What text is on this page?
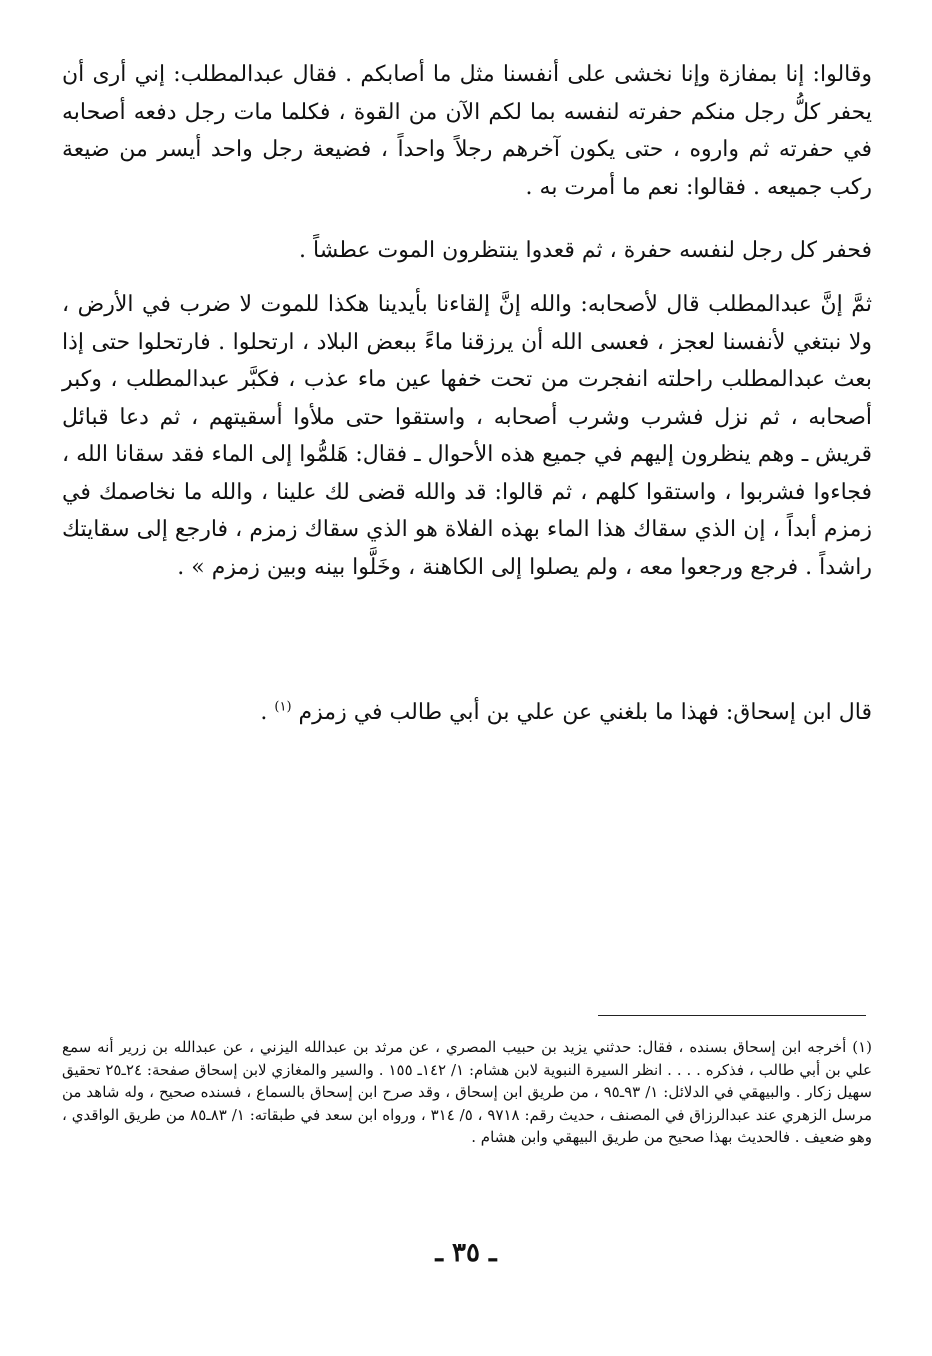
وقالوا: إنا بمفازة وإنا نخشى على أنفسنا مثل ما أصابكم . فقال عبدالمطلب: إني أرى أن يحفر كلُّ رجل منكم حفرته لنفسه بما لكم الآن من القوة ، فكلما مات رجل دفعه أصحابه في حفرته ثم واروه ، حتى يكون آخرهم رجلاً واحداً ، فضيعة رجل واحد أيسر من ضيعة ركب جميعه . فقالوا: نعم ما أمرت به .

فحفر كل رجل لنفسه حفرة ، ثم قعدوا ينتظرون الموت عطشاً .

ثمَّ إنَّ عبدالمطلب قال لأصحابه: والله إنَّ إلقاءنا بأيدينا هكذا للموت لا ضرب في الأرض ، ولا نبتغي لأنفسنا لعجز ، فعسى الله أن يرزقنا ماءً ببعض البلاد ، ارتحلوا . فارتحلوا حتى إذا بعث عبدالمطلب راحلته انفجرت من تحت خفها عين ماء عذب ، فكبَّر عبدالمطلب ، وكبر أصحابه ، ثم نزل فشرب وشرب أصحابه ، واستقوا حتى ملأوا أسقيتهم ، ثم دعا قبائل قريش ـ وهم ينظرون إليهم في جميع هذه الأحوال ـ فقال: هَلمُّوا إلى الماء فقد سقانا الله ، فجاءوا فشربوا ، واستقوا كلهم ، ثم قالوا: قد والله قضى لك علينا ، والله ما نخاصمك في زمزم أبداً ، إن الذي سقاك هذا الماء بهذه الفلاة هو الذي سقاك زمزم ، فارجع إلى سقايتك راشداً . فرجع ورجعوا معه ، ولم يصلوا إلى الكاهنة ، وخَلَّوا بينه وبين زمزم » .

قال ابن إسحاق: فهذا ما بلغني عن علي بن أبي طالب في زمزم $^{(١)}$ .

(١) أخرجه ابن إسحاق بسنده ، فقال: حدثني يزيد بن حبيب المصري ، عن مرثد بن عبدالله اليزني ، عن عبدالله بن زرير أنه سمع علي بن أبي طالب ، فذكره . . . . انظر السيرة النبوية لابن هشام: ١/ ١٤٢ـ ١٥٥ . والسير والمغازي لابن إسحاق صفحة: ٢٤ـ٢٥ تحقيق سهيل زكار . والبيهقي في الدلائل: ١/ ٩٣ـ٩٥ ، من طريق ابن إسحاق ، وقد صرح ابن إسحاق بالسماع ، فسنده صحيح ، وله شاهد من مرسل الزهري عند عبدالرزاق في المصنف ، حديث رقم: ٩٧١٨ ، ٥/ ٣١٤ ، ورواه ابن سعد في طبقاته: ١/ ٨٣ـ٨٥ من طريق الواقدي ، وهو ضعيف . فالحديث بهذا صحيح من طريق البيهقي وابن هشام .

ـ ٣٥ ـ
